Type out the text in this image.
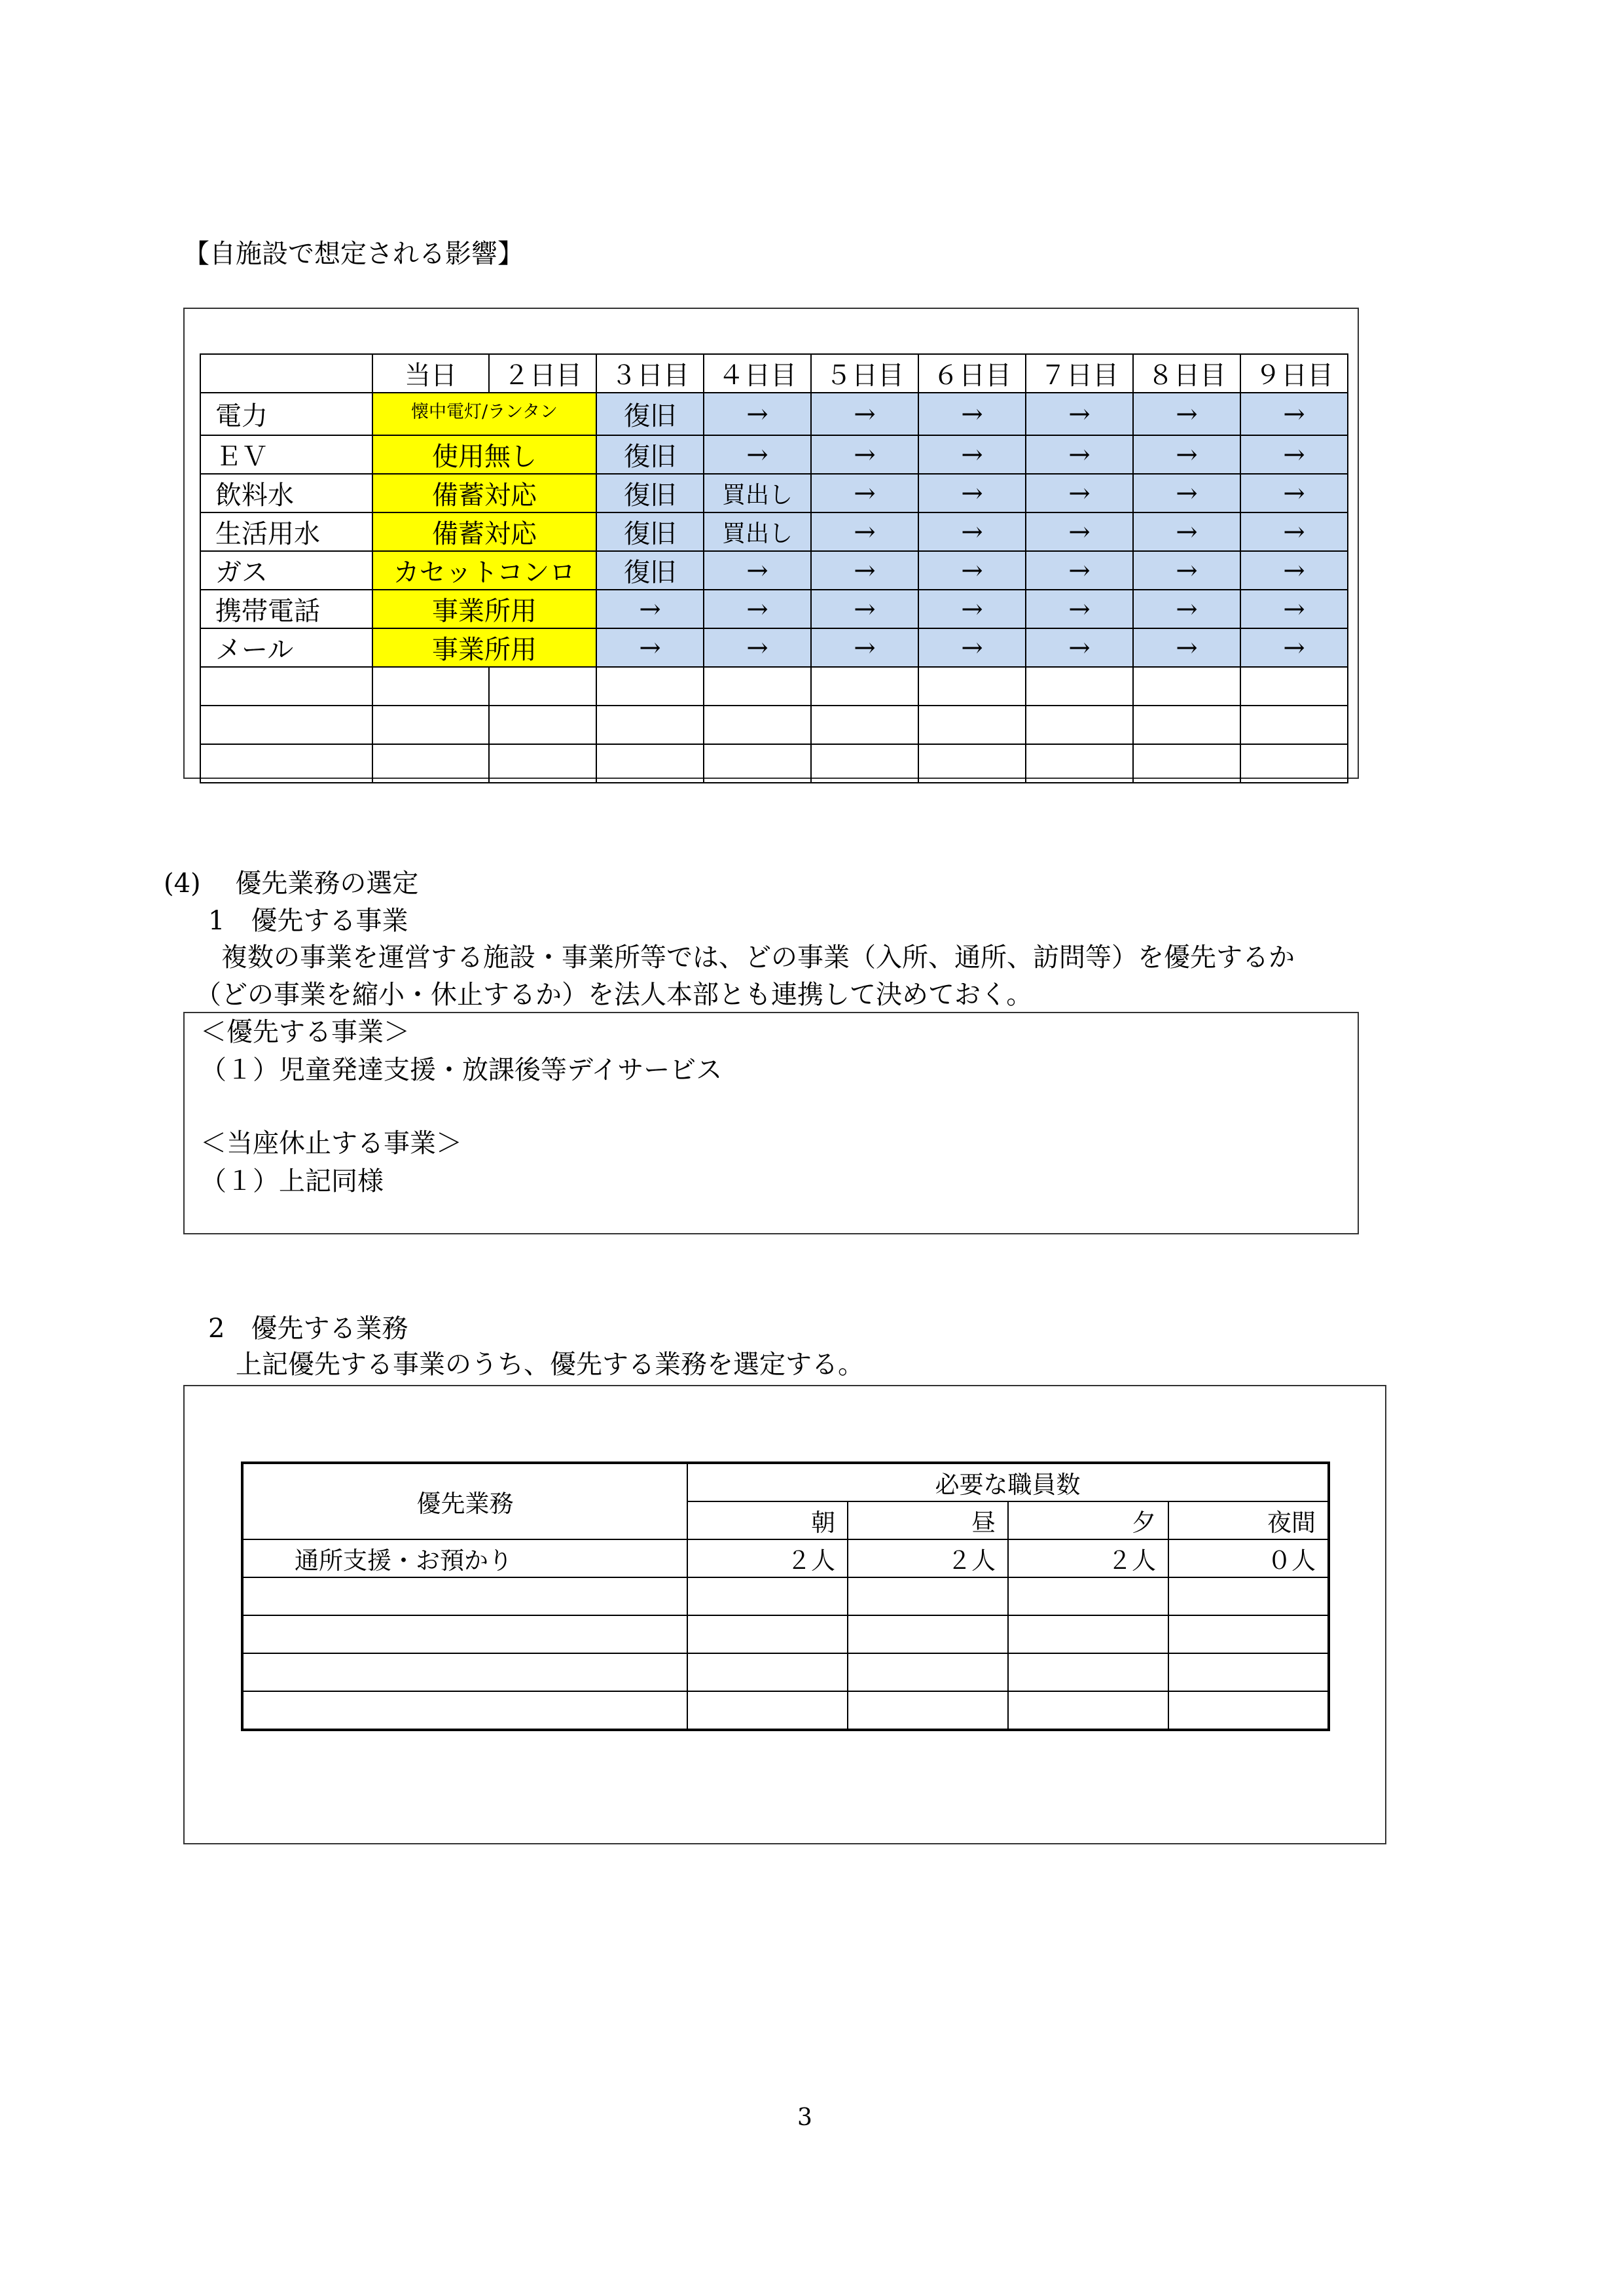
【自施設で想定される影響】
	当日	２日目	３日目	４日目	５日目	６日目	７日目	８日目	９日目
電力	懐中電灯/ランタン		復旧	→	→	→	→	→	→
ＥＶ	使用無し		復旧	→	→	→	→	→	→
飲料水	備蓄対応		復旧	買出し	→	→	→	→	→
生活用水	備蓄対応		復旧	買出し	→	→	→	→	→
ガス	カセットコンロ		復旧	→	→	→	→	→	→
携帯電話	事業所用		→	→	→	→	→	→	→
メール	事業所用		→	→	→	→	→	→	→

(4)　 優先業務の選定
1　優先する事業
複数の事業を運営する施設・事業所等では、どの事業（入所、通所、訪問等）を優先するか
（どの事業を縮小・休止するか）を法人本部とも連携して決めておく。
＜優先する事業＞
（１）児童発達支援・放課後等デイサービス
＜当座休止する事業＞
（１）上記同様
2　優先する業務
上記優先する事業のうち、優先する業務を選定する。
優先業務	必要な職員数			
	朝	昼	夕	夜間
通所支援・お預かり	２人	２人	２人	０人

3
